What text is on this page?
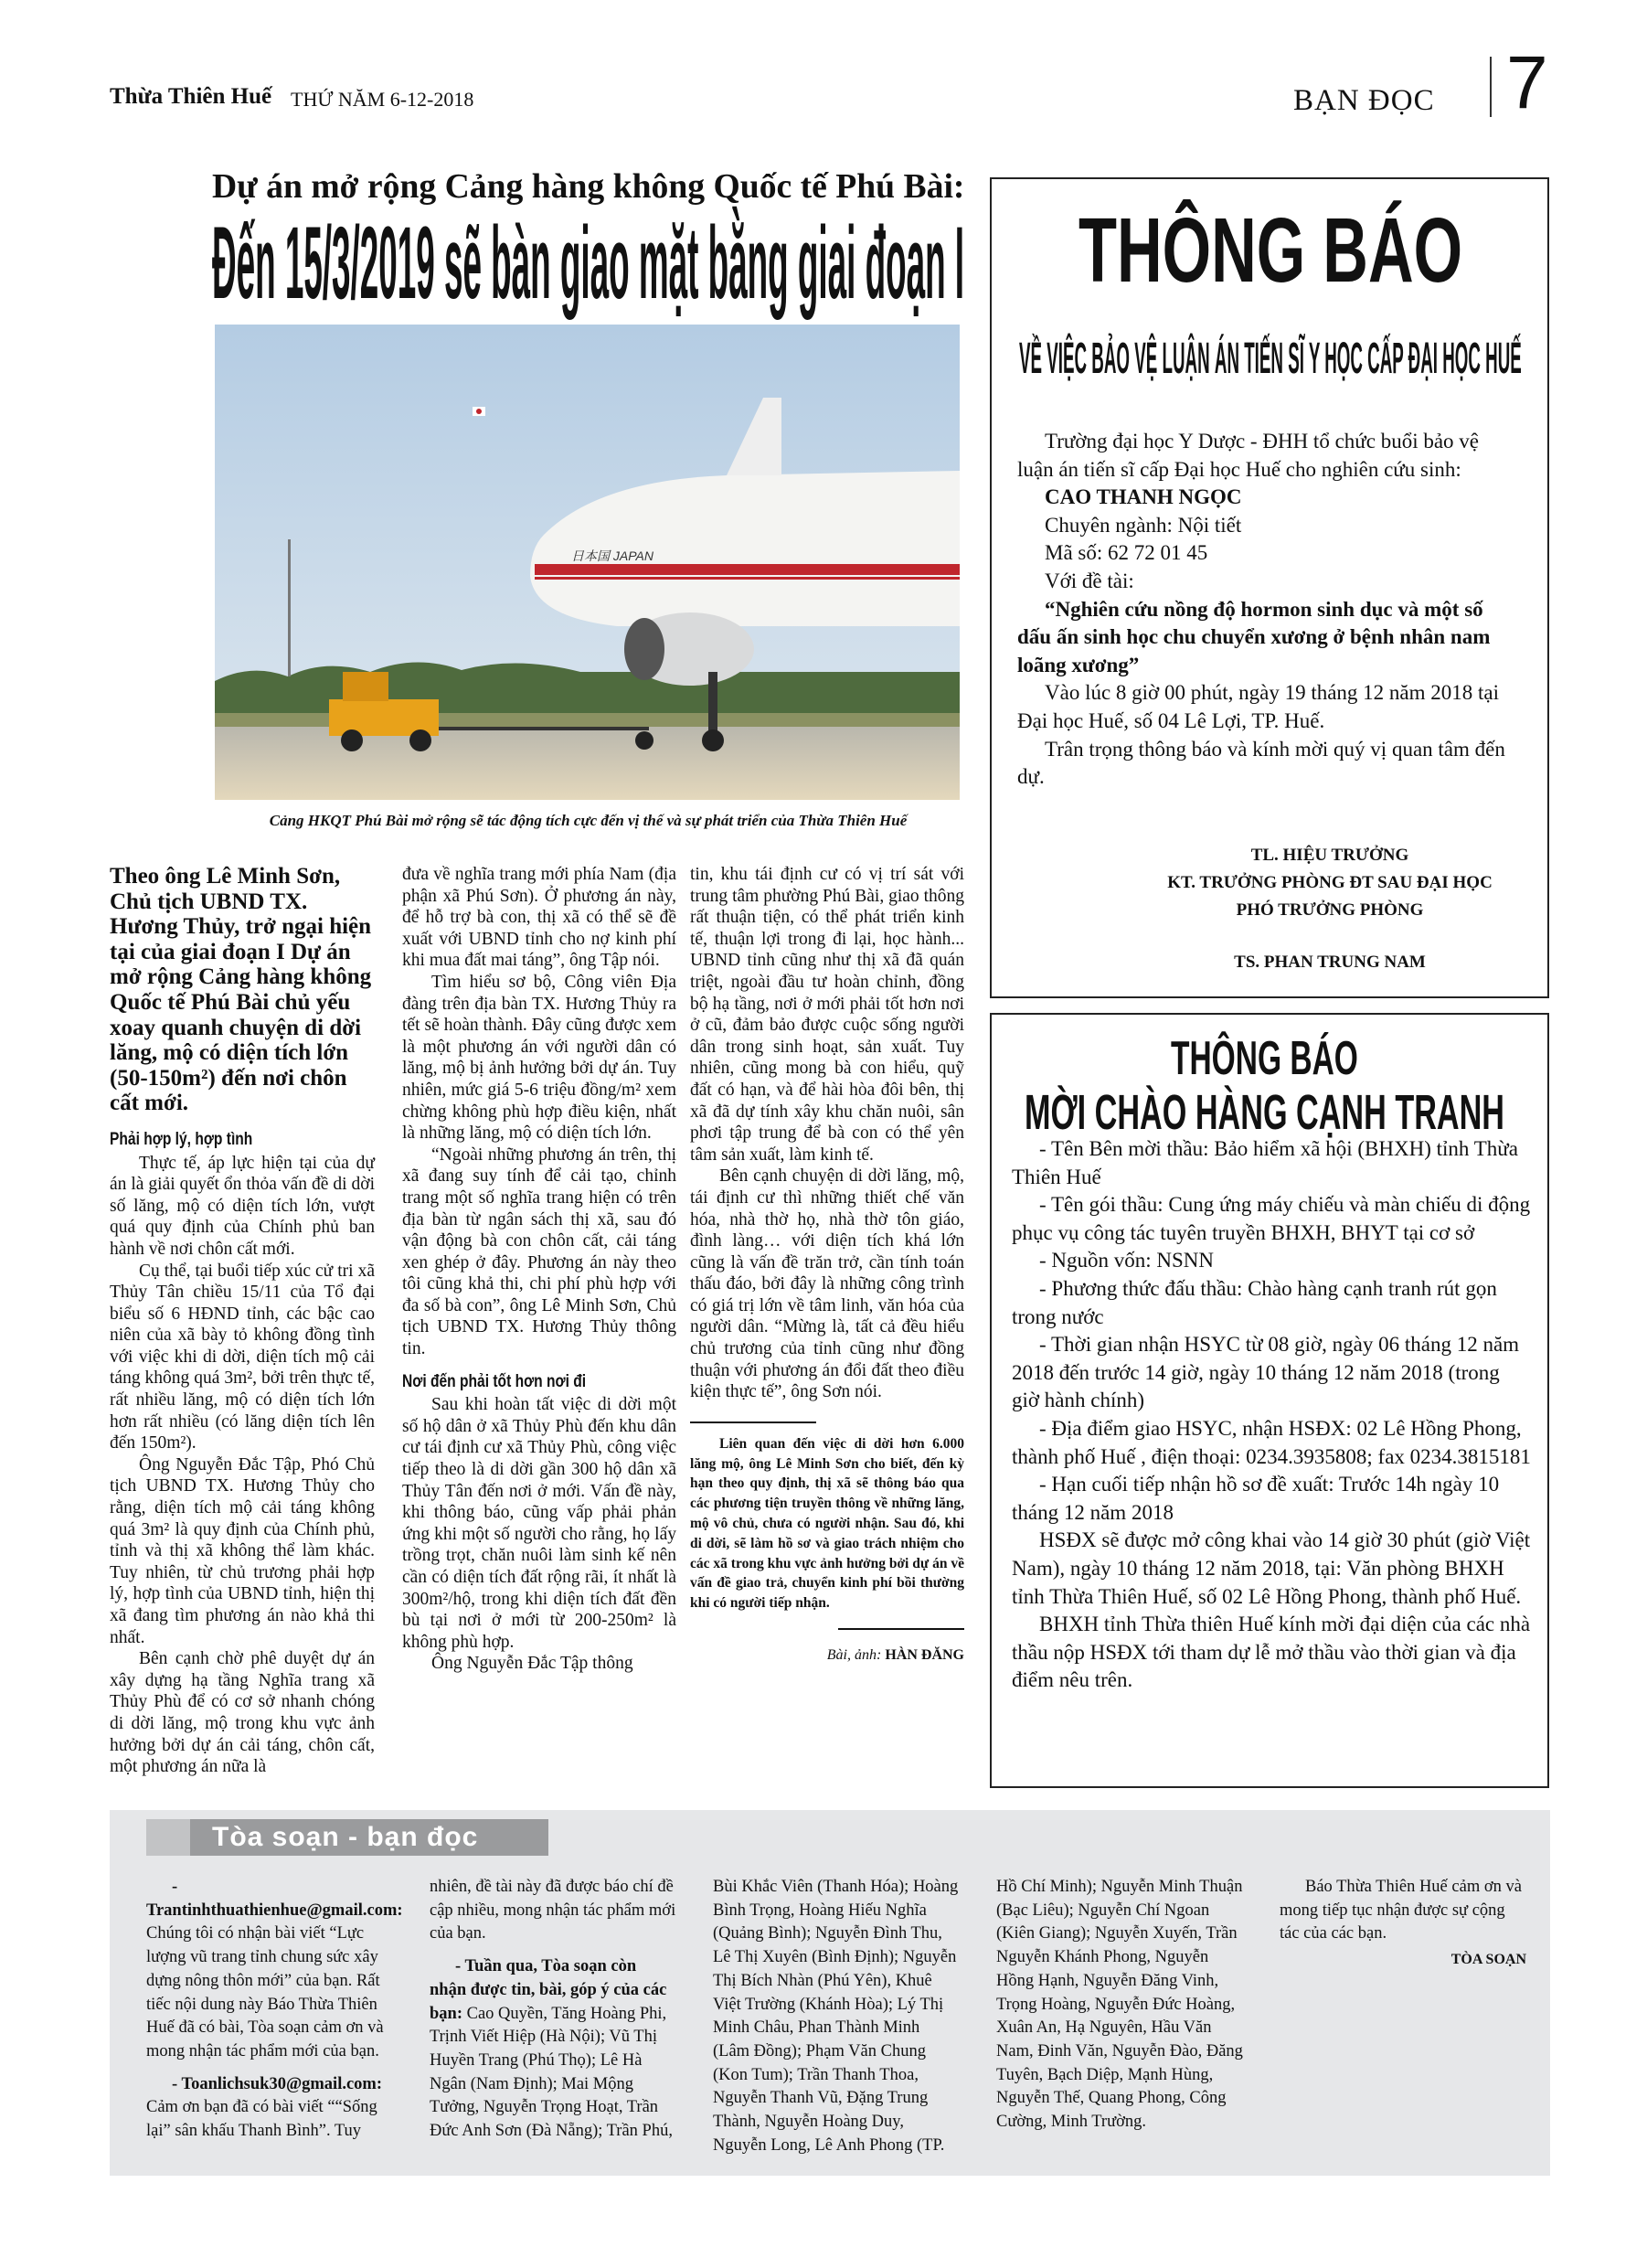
Thừa Thiên Huế THỨ NĂM 6-12-2018	BẠN ĐỌC 7
Dự án mở rộng Cảng hàng không Quốc tế Phú Bài:
Đến 15/3/2019 sẽ bàn giao mặt bằng giai đoạn I
日本国 JAPAN
Cảng HKQT Phú Bài mở rộng sẽ tác động tích cực đến vị thế và sự phát triển của Thừa Thiên Huế

Theo ông Lê Minh Sơn, Chủ tịch UBND TX. Hương Thủy, trở ngại hiện tại của giai đoạn I Dự án mở rộng Cảng hàng không Quốc tế Phú Bài chủ yếu xoay quanh chuyện di dời lăng, mộ có diện tích lớn (50-150m²) đến nơi chôn cất mới.

Phải hợp lý, hợp tình

Thực tế, áp lực hiện tại của dự án là giải quyết ổn thỏa vấn đề di dời số lăng, mộ có diện tích lớn, vượt quá quy định của Chính phủ ban hành về nơi chôn cất mới.

Cụ thể, tại buổi tiếp xúc cử tri xã Thủy Tân chiều 15/11 của Tổ đại biểu số 6 HĐND tỉnh, các bậc cao niên của xã bày tỏ không đồng tình với việc khi di dời, diện tích mộ cải táng không quá 3m², bởi trên thực tế, rất nhiều lăng, mộ có diện tích lớn hơn rất nhiều (có lăng diện tích lên đến 150m²).

Ông Nguyễn Đắc Tập, Phó Chủ tịch UBND TX. Hương Thủy cho rằng, diện tích mộ cải táng không quá 3m² là quy định của Chính phủ, tỉnh và thị xã không thể làm khác. Tuy nhiên, từ chủ trương phải hợp lý, hợp tình của UBND tỉnh, hiện thị xã đang tìm phương án nào khả thi nhất.

Bên cạnh chờ phê duyệt dự án xây dựng hạ tầng Nghĩa trang xã Thủy Phù để có cơ sở nhanh chóng di dời lăng, mộ trong khu vực ảnh hưởng bởi dự án cải táng, chôn cất, một phương án nữa là

đưa về nghĩa trang mới phía Nam (địa phận xã Phú Sơn). Ở phương án này, để hỗ trợ bà con, thị xã có thể sẽ đề xuất với UBND tỉnh cho nợ kinh phí khi mua đất mai táng”, ông Tập nói.

Tìm hiểu sơ bộ, Công viên Địa đàng trên địa bàn TX. Hương Thủy ra tết sẽ hoàn thành. Đây cũng được xem là một phương án với người dân có lăng, mộ bị ảnh hưởng bởi dự án. Tuy nhiên, mức giá 5-6 triệu đồng/m² xem chừng không phù hợp điều kiện, nhất là những lăng, mộ có diện tích lớn.

“Ngoài những phương án trên, thị xã đang suy tính để cải tạo, chỉnh trang một số nghĩa trang hiện có trên địa bàn từ ngân sách thị xã, sau đó vận động bà con chôn cất, cải táng xen ghép ở đây. Phương án này theo tôi cũng khả thi, chi phí phù hợp với đa số bà con”, ông Lê Minh Sơn, Chủ tịch UBND TX. Hương Thủy thông tin.

Nơi đến phải tốt hơn nơi đi

Sau khi hoàn tất việc di dời một số hộ dân ở xã Thủy Phù đến khu dân cư tái định cư xã Thủy Phù, công việc tiếp theo là di dời gần 300 hộ dân xã Thủy Tân đến nơi ở mới. Vấn đề này, khi thông báo, cũng vấp phải phản ứng khi một số người cho rằng, họ lấy trồng trọt, chăn nuôi làm sinh kế nên cần có diện tích đất rộng rãi, ít nhất là 300m²/hộ, trong khi diện tích đất đền bù tại nơi ở mới từ 200-250m² là không phù hợp.

Ông Nguyễn Đắc Tập thông

tin, khu tái định cư có vị trí sát với trung tâm phường Phú Bài, giao thông rất thuận tiện, có thể phát triển kinh tế, thuận lợi trong đi lại, học hành... UBND tỉnh cũng như thị xã đã quán triệt, ngoài đầu tư hoàn chỉnh, đồng bộ hạ tầng, nơi ở mới phải tốt hơn nơi ở cũ, đảm bảo được cuộc sống người dân trong sinh hoạt, sản xuất. Tuy nhiên, cũng mong bà con hiểu, quỹ đất có hạn, và để hài hòa đôi bên, thị xã đã dự tính xây khu chăn nuôi, sân phơi tập trung để bà con có thể yên tâm sản xuất, làm kinh tế.

Bên cạnh chuyện di dời lăng, mộ, tái định cư thì những thiết chế văn hóa, nhà thờ họ, nhà thờ tôn giáo, đình làng… với diện tích khá lớn cũng là vấn đề trăn trở, cần tính toán thấu đáo, bởi đây là những công trình có giá trị lớn về tâm linh, văn hóa của người dân. “Mừng là, tất cả đều hiểu chủ trương của tỉnh cũng như đồng thuận với phương án đổi đất theo điều kiện thực tế”, ông Sơn nói.

Liên quan đến việc di dời hơn 6.000 lăng mộ, ông Lê Minh Sơn cho biết, đến kỳ hạn theo quy định, thị xã sẽ thông báo qua các phương tiện truyền thông về những lăng, mộ vô chủ, chưa có người nhận. Sau đó, khi di dời, sẽ làm hồ sơ và giao trách nhiệm cho các xã trong khu vực ảnh hưởng bởi dự án về vấn đề giao trả, chuyển kinh phí bồi thường khi có người tiếp nhận.

Bài, ảnh: HÀN ĐĂNG
THÔNG BÁO
VỀ VIỆC BẢO VỆ LUẬN ÁN TIẾN SĨ Y HỌC CẤP ĐẠI HỌC HUẾ

Trường đại học Y Dược - ĐHH tổ chức buổi bảo vệ luận án tiến sĩ cấp Đại học Huế cho nghiên cứu sinh:

CAO THANH NGỌC

Chuyên ngành: Nội tiết

Mã số: 62 72 01 45

Với đề tài:

“Nghiên cứu nồng độ hormon sinh dục và một số dấu ấn sinh học chu chuyển xương ở bệnh nhân nam loãng xương”

Vào lúc 8 giờ 00 phút, ngày 19 tháng 12 năm 2018 tại Đại học Huế, số 04 Lê Lợi, TP. Huế.

Trân trọng thông báo và kính mời quý vị quan tâm đến dự.

TL. HIỆU TRƯỞNG
KT. TRƯỞNG PHÒNG ĐT SAU ĐẠI HỌC
PHÓ TRƯỞNG PHÒNG
TS. PHAN TRUNG NAM
THÔNG BÁO
MỜI CHÀO HÀNG CẠNH TRANH

- Tên Bên mời thầu: Bảo hiểm xã hội (BHXH) tỉnh Thừa Thiên Huế

- Tên gói thầu: Cung ứng máy chiếu và màn chiếu di động phục vụ công tác tuyên truyền BHXH, BHYT tại cơ sở

- Nguồn vốn: NSNN

- Phương thức đấu thầu: Chào hàng cạnh tranh rút gọn trong nước

- Thời gian nhận HSYC từ 08 giờ, ngày 06 tháng 12 năm 2018 đến trước 14 giờ, ngày 10 tháng 12 năm 2018 (trong giờ hành chính)

- Địa điểm giao HSYC, nhận HSĐX: 02 Lê Hồng Phong, thành phố Huế , điện thoại: 0234.3935808; fax 0234.3815181

- Hạn cuối tiếp nhận hồ sơ đề xuất: Trước 14h ngày 10 tháng 12 năm 2018

HSĐX sẽ được mở công khai vào 14 giờ 30 phút (giờ Việt Nam), ngày 10 tháng 12 năm 2018, tại: Văn phòng BHXH tỉnh Thừa Thiên Huế, số 02 Lê Hồng Phong, thành phố Huế.

BHXH tỉnh Thừa thiên Huế kính mời đại diện của các nhà thầu nộp HSĐX tới tham dự lễ mở thầu vào thời gian và địa điểm nêu trên.

Tòa soạn - bạn đọc

- Trantinhthuathienhue@gmail.com: Chúng tôi có nhận bài viết “Lực lượng vũ trang tỉnh chung sức xây dựng nông thôn mới” của bạn. Rất tiếc nội dung này Báo Thừa Thiên Huế đã có bài, Tòa soạn cảm ơn và mong nhận tác phẩm mới của bạn.

- Toanlichsuk30@gmail.com: Cảm ơn bạn đã có bài viết ““Sống lại” sân khấu Thanh Bình”. Tuy nhiên, đề tài này đã được báo chí đề cập nhiều, mong nhận tác phẩm mới của bạn.

- Tuần qua, Tòa soạn còn nhận được tin, bài, góp ý của các bạn: Cao Quyền, Tăng Hoàng Phi, Trịnh Viết Hiệp (Hà Nội); Vũ Thị Huyền Trang (Phú Thọ); Lê Hà Ngân (Nam Định); Mai Mộng Tưởng, Nguyễn Trọng Hoạt, Trần Đức Anh Sơn (Đà Nẵng); Trần Phú, Bùi Khắc Viên (Thanh Hóa); Hoàng Bình Trọng, Hoàng Hiếu Nghĩa (Quảng Bình); Nguyễn Đình Thu, Lê Thị Xuyên (Bình Định); Nguyễn Thị Bích Nhàn (Phú Yên), Khuê Việt Trường (Khánh Hòa); Lý Thị Minh Châu, Phan Thành Minh (Lâm Đồng); Phạm Văn Chung (Kon Tum); Trần Thanh Thoa, Nguyễn Thanh Vũ, Đặng Trung Thành, Nguyễn Hoàng Duy, Nguyễn Long, Lê Anh Phong (TP. Hồ Chí Minh); Nguyễn Minh Thuận (Bạc Liêu); Nguyễn Chí Ngoan (Kiên Giang); Nguyễn Xuyến, Trần Nguyễn Khánh Phong, Nguyễn Hồng Hạnh, Nguyễn Đăng Vinh, Trọng Hoàng, Nguyễn Đức Hoàng, Xuân An, Hạ Nguyên, Hầu Văn Nam, Đinh Văn, Nguyễn Đào, Đăng Tuyên, Bạch Diệp, Mạnh Hùng, Nguyễn Thế, Quang Phong, Công Cường, Minh Trường.

Báo Thừa Thiên Huế cảm ơn và mong tiếp tục nhận được sự cộng tác của các bạn.

TÒA SOẠN
